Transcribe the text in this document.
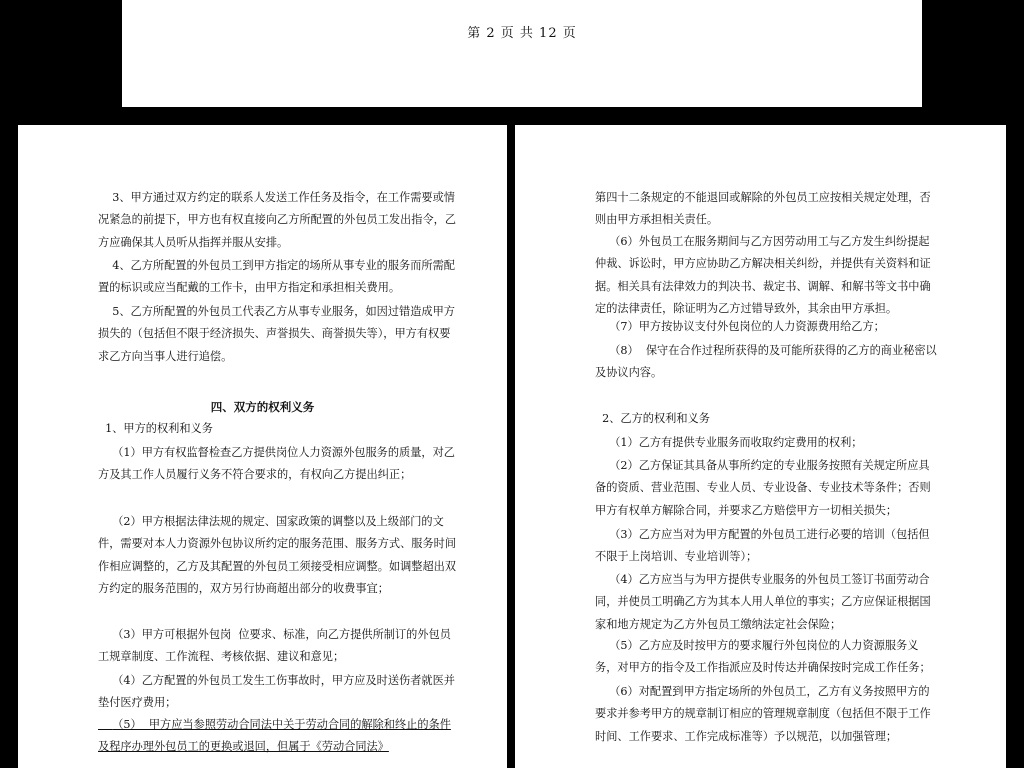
第 2 页 共 12 页

3、甲方通过双方约定的联系人发送工作任务及指令，在工作需要或情况紧急的前提下，甲方也有权直接向乙方所配置的外包员工发出指令，乙方应确保其人员听从指挥并服从安排。

4、乙方所配置的外包员工到甲方指定的场所从事专业的服务而所需配置的标识或应当配戴的工作卡，由甲方指定和承担相关费用。

5、乙方所配置的外包员工代表乙方从事专业服务，如因过错造成甲方损失的（包括但不限于经济损失、声誉损失、商誉损失等），甲方有权要求乙方向当事人进行追偿。

四、双方的权利义务

1、甲方的权利和义务

（1）甲方有权监督检查乙方提供岗位人力资源外包服务的质量，对乙方及其工作人员履行义务不符合要求的，有权向乙方提出纠正；

（2）甲方根据法律法规的规定、国家政策的调整以及上级部门的文件，需要对本人力资源外包协议所约定的服务范围、服务方式、服务时间作相应调整的，乙方及其配置的外包员工须接受相应调整。如调整超出双方约定的服务范围的，双方另行协商超出部分的收费事宜；

（3）甲方可根据外包岗  位要求、标准，向乙方提供所制订的外包员工规章制度、工作流程、考核依据、建议和意见；

（4）乙方配置的外包员工发生工伤事故时，甲方应及时送伤者就医并垫付医疗费用；

（5）  甲方应当参照劳动合同法中关于劳动合同的解除和终止的条件及程序办理外包员工的更换或退回，但属于《劳动合同法》

第四十二条规定的不能退回或解除的外包员工应按相关规定处理，否则由甲方承担相关责任。

（6）外包员工在服务期间与乙方因劳动用工与乙方发生纠纷提起仲裁、诉讼时，甲方应协助乙方解决相关纠纷，并提供有关资料和证据。相关具有法律效力的判决书、裁定书、调解、和解书等文书中确定的法律责任，除证明为乙方过错导致外，其余由甲方承担。

（7）甲方按协议支付外包岗位的人力资源费用给乙方；

（8）  保守在合作过程所获得的及可能所获得的乙方的商业秘密以及协议内容。

2、乙方的权利和义务

（1）乙方有提供专业服务而收取约定费用的权利；

（2）乙方保证其具备从事所约定的专业服务按照有关规定所应具备的资质、营业范围、专业人员、专业设备、专业技术等条件；否则甲方有权单方解除合同，并要求乙方赔偿甲方一切相关损失；

（3）乙方应当对为甲方配置的外包员工进行必要的培训（包括但不限于上岗培训、专业培训等）；

（4）乙方应当与为甲方提供专业服务的外包员工签订书面劳动合同，并使员工明确乙方为其本人用人单位的事实；乙方应保证根据国家和地方规定为乙方外包员工缴纳法定社会保险；

（5）乙方应及时按甲方的要求履行外包岗位的人力资源服务义务，对甲方的指令及工作指派应及时传达并确保按时完成工作任务；

（6）对配置到甲方指定场所的外包员工，乙方有义务按照甲方的要求并参考甲方的规章制订相应的管理规章制度（包括但不限于工作时间、工作要求、工作完成标准等）予以规范，以加强管理；
